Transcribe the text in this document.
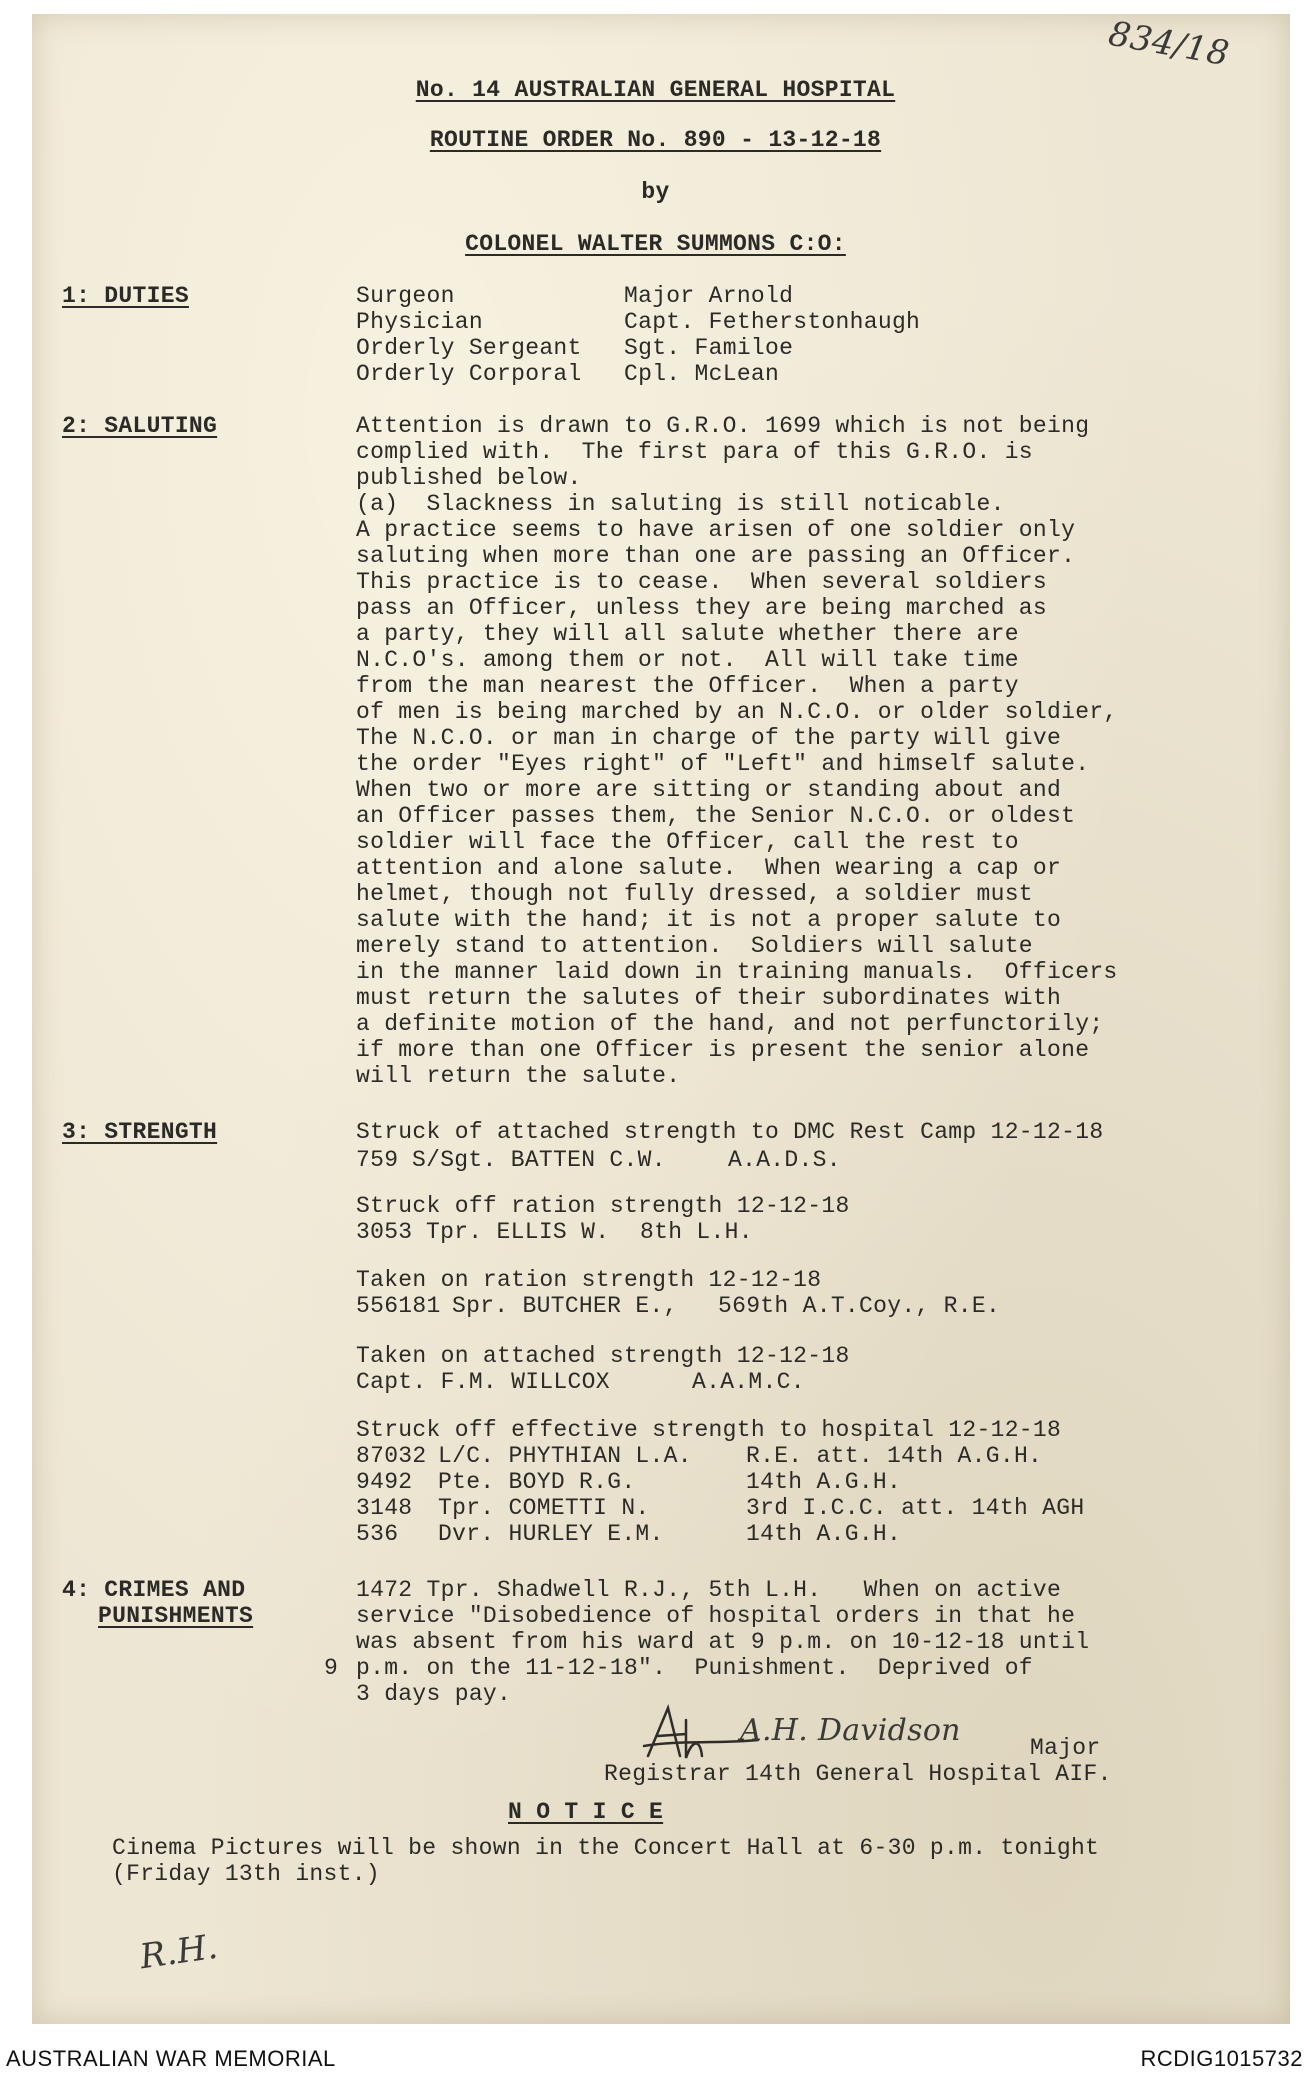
No. 14 AUSTRALIAN GENERAL HOSPITAL
ROUTINE ORDER No. 890 - 13-12-18
by
COLONEL WALTER SUMMONS C:O:
834/18
1: DUTIES	Surgeon	Major Arnold
Physician	Capt. Fetherstonhaugh
Orderly Sergeant Sgt. Familoe
Orderly Corporal Cpl. McLean
2: SALUTING	Attention is drawn to G.R.O. 1699 which is not being
complied with.  The first para of this G.R.O. is
published below.
(a)  Slackness in saluting is still noticable.
A practice seems to have arisen of one soldier only
saluting when more than one are passing an Officer.
This practice is to cease.  When several soldiers
pass an Officer, unless they are being marched as
a party, they will all salute whether there are
N.C.O's. among them or not.  All will take time
from the man nearest the Officer.  When a party
of men is being marched by an N.C.O. or older soldier,
The N.C.O. or man in charge of the party will give
the order "Eyes right" of "Left" and himself salute.
When two or more are sitting or standing about and
an Officer passes them, the Senior N.C.O. or oldest
soldier will face the Officer, call the rest to
attention and alone salute.  When wearing a cap or
helmet, though not fully dressed, a soldier must
salute with the hand; it is not a proper salute to
merely stand to attention.  Soldiers will salute
in the manner laid down in training manuals.  Officers
must return the salutes of their subordinates with
a definite motion of the hand, and not perfunctorily;
if more than one Officer is present the senior alone
will return the salute.
3: STRENGTH	Struck of attached strength to DMC Rest Camp 12-12-18
759 S/Sgt. BATTEN C.W.	A.A.D.S.
Struck off ration strength 12-12-18
3053 Tpr. ELLIS W. 8th L.H.
Taken on ration strength 12-12-18
556181 Spr. BUTCHER E., 569th A.T.Coy., R.E.
Taken on attached strength 12-12-18
Capt. F.M. WILLCOX	A.A.M.C.
Struck off effective strength to hospital 12-12-18
87032 L/C. PHYTHIAN L.A. R.E. att. 14th A.G.H.
9492 Pte. BOYD R.G.	14th A.G.H.
3148 Tpr. COMETTI N.	3rd I.C.C. att. 14th AGH
536 Dvr. HURLEY E.M.	14th A.G.H.
4: CRIMES AND
PUNISHMENTS
1472 Tpr. Shadwell R.J., 5th L.H.   When on active
service "Disobedience of hospital orders in that he
was absent from his ward at 9 p.m. on 10-12-18 until
9 p.m. on the 11-12-18".  Punishment.  Deprived of
3 days pay.
A.H. Davidson	Major
Registrar 14th General Hospital AIF.
N O T I C E
Cinema Pictures will be shown in the Concert Hall at 6-30 p.m. tonight
(Friday 13th inst.)
R.H.
AUSTRALIAN WAR MEMORIAL	RCDIG1015732
